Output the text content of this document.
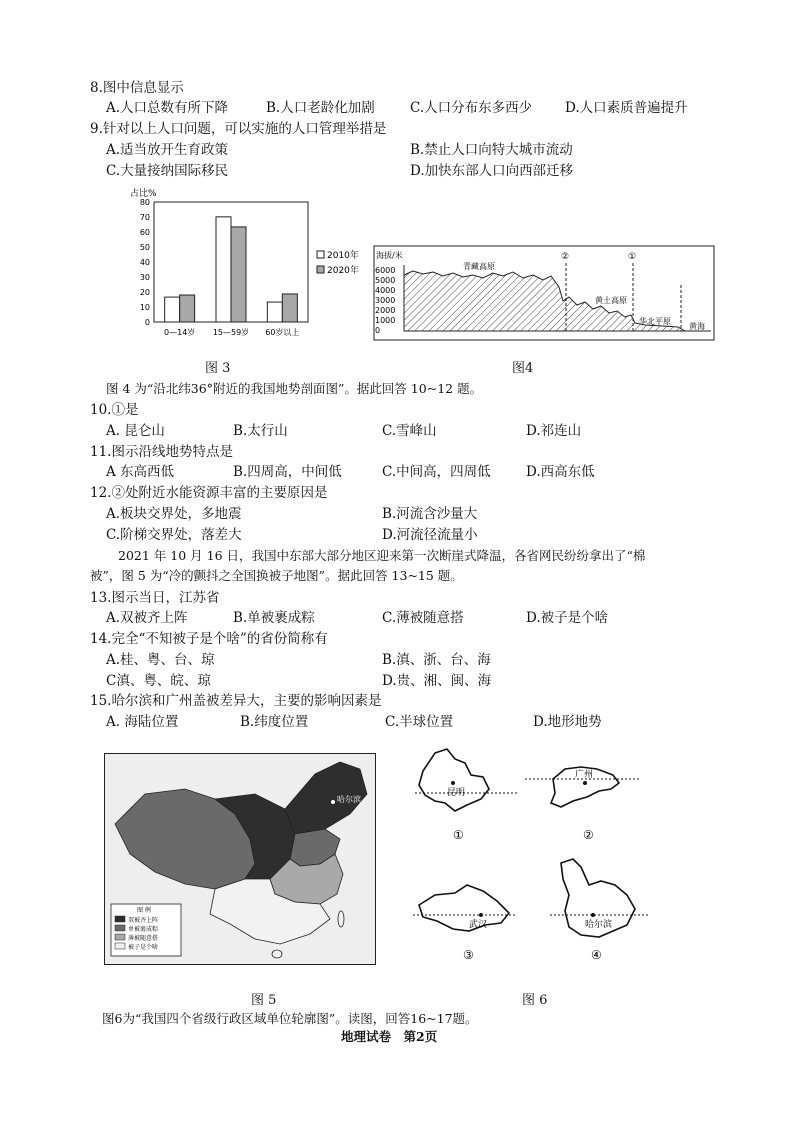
8.图中信息显示
A.人口总数有所下降	B.人口老龄化加剧	C.人口分布东多西少 D.人口素质普遍提升
9.针对以上人口问题，可以实施的人口管理举措是
A.适当放开生育政策	B.禁止人口向特大城市流动
C.大量接纳国际移民	D.加快东部人口向西部迁移
占比%
0
10
20
30
40
50
60
70
80
0—14岁 15—59岁 60岁以上
2010年
2020年
图 3
海拔/米
0
1000
2000
3000
4000
5000
6000	青藏高原
黄土高原
华北平原
黄海
②	①
图4
图 4 为“沿北纬36°附近的我国地势剖面图”。据此回答 10~12 题。
10.①是
A. 昆仑山	B.太行山	C.雪峰山	D.祁连山
11.图示沿线地势特点是
A 东高西低	B.四周高，中间低	C.中间高，四周低	D.西高东低
12.②处附近水能资源丰富的主要原因是
A.板块交界处，多地震	B.河流含沙量大
C.阶梯交界处，落差大	D.河流径流量小
2021 年 10 月 16 日，我国中东部大部分地区迎来第一次断崖式降温，各省网民纷纷拿出了“棉
被”，图 5 为“冷的颤抖之全国换被子地图”。据此回答 13~15 题。
13.图示当日，江苏省
A.双被齐上阵	B.单被裹成粽	C.薄被随意搭	D.被子是个啥
14.完全“不知被子是个啥”的省份简称有
A.桂、粤、台、琼	B.滇、浙、台、海
C滇、粤、皖、琼	D.贵、湘、闽、海
15.哈尔滨和广州盖被差异大，主要的影响因素是
A. 海陆位置	B.纬度位置	C.半球位置	D.地形地势
哈尔滨
图 例
双被齐上阵
单被裹成粽
薄被随意搭
被子是个啥
图 5
昆明
①
广州
②
武汉
③
哈尔滨
④
图 6
图6为“我国四个省级行政区域单位轮廓图”。读图，回答16~17题。
地理试卷　第2页
